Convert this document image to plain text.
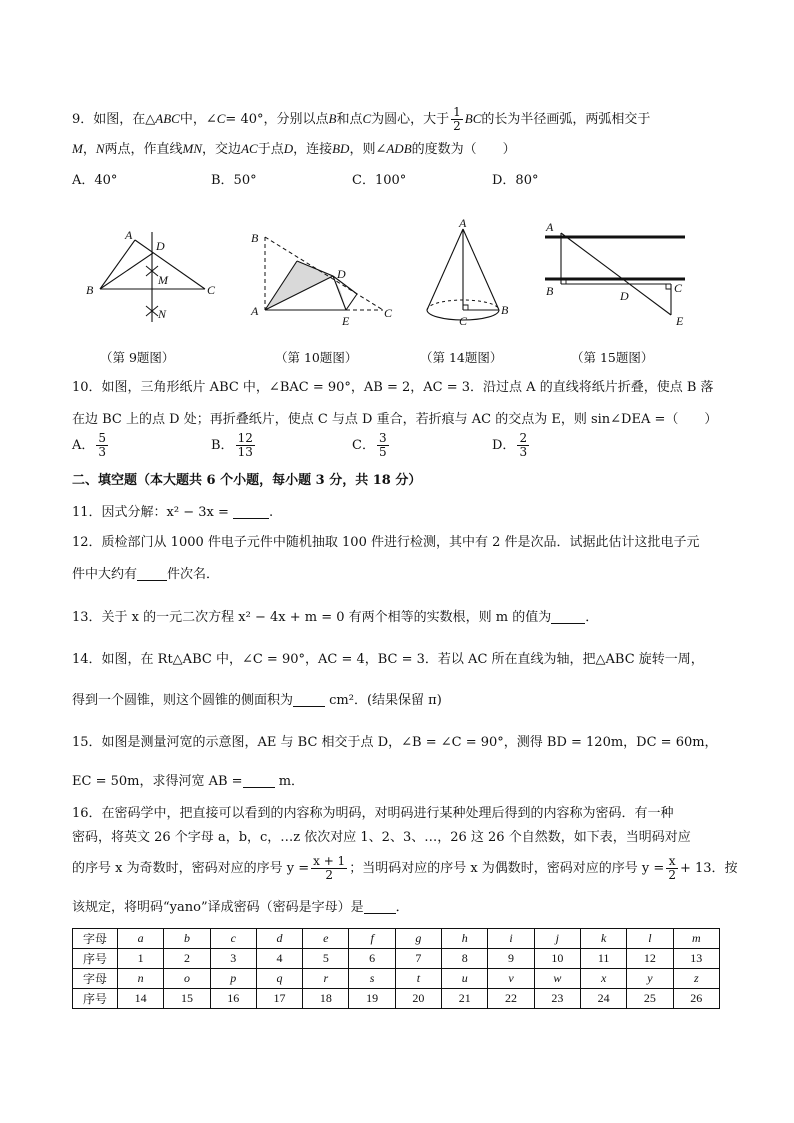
9．如图，在△ABC中，∠C= 40°，分别以点B和点C为圆心，大于 $\frac{1}{2}$ BC的长为半径画弧，两弧相交于
M，N两点，作直线MN，交边AC于点D，连接BD，则∠ADB的度数为（　　）
A．40°	B．50°	C．100°	D．80°
A
D
M
B	C
N
B
D
A
E
C
A
C
B
A
B	D
C
E
（第 9题图）	（第 10题图）	（第 14题图）	（第 15题图）
10．如图，三角形纸片 ABC 中，∠BAC = 90°，AB = 2，AC = 3．沿过点 A 的直线将纸片折叠，使点 B 落
在边 BC 上的点 D 处；再折叠纸片，使点 C 与点 D 重合，若折痕与 AC 的交点为 E，则 sin∠DEA =（　　）
A． $\frac{5}{3}$	B． $\frac{12}{13}$	C． $\frac{3}{5}$	D． $\frac{2}{3}$
二、填空题（本大题共 6 个小题，每小题 3 分，共 18 分）
11．因式分解：x² − 3x =	.
12．质检部门从 1000 件电子元件中随机抽取 100 件进行检测，其中有 2 件是次品．试据此估计这批电子元
件中大约有 件次名．
13．关于 x 的一元二次方程 x² − 4x + m = 0 有两个相等的实数根，则 m 的值为	．
14．如图，在 Rt△ABC 中，∠C = 90°，AC = 4，BC = 3．若以 AC 所在直线为轴，把△ABC 旋转一周，
得到一个圆锥，则这个圆锥的侧面积为	cm²．(结果保留 π)
15．如图是测量河宽的示意图，AE 与 BC 相交于点 D，∠B = ∠C = 90°，测得 BD = 120m，DC = 60m，
EC = 50m，求得河宽 AB =	m．
16．在密码学中，把直接可以看到的内容称为明码，对明码进行某种处理后得到的内容称为密码．有一种
密码，将英文 26 个字母 a，b，c，…z 依次对应 1、2、3、…，26 这 26 个自然数，如下表，当明码对应
的序号 x 为奇数时，密码对应的序号 $y = \frac{x + 1}{2}$ ；当明码对应的序号 x 为偶数时，密码对应的序号 $y = \frac{x}{2} + 13$．按
该规定，将明码“yano”译成密码（密码是字母）是 ．
字母	a	b	c	d	e	f	g	h	i	j	k	l	m
序号	1	2	3	4	5	6	7	8	9	10	11	12	13
字母	n	o	p	q	r	s	t	u	v	w	x	y	z
序号	14	15	16	17	18	19	20	21	22	23	24	25	26
